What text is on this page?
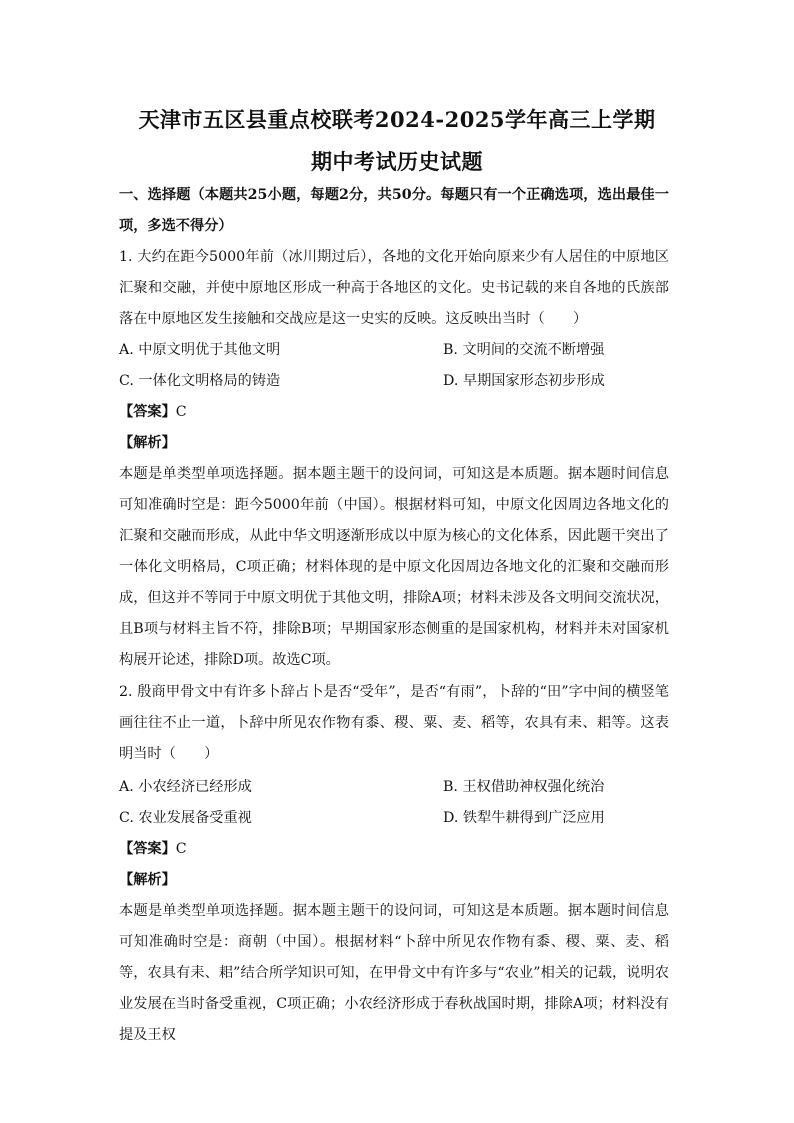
天津市五区县重点校联考2024-2025学年高三上学期
期中考试历史试题
一、选择题（本题共25小题，每题2分，共50分。每题只有一个正确选项，选出最佳一项，多选不得分）
1. 大约在距今5000年前（冰川期过后），各地的文化开始向原来少有人居住的中原地区汇聚和交融，并使中原地区形成一种高于各地区的文化。史书记载的来自各地的氏族部落在中原地区发生接触和交战应是这一史实的反映。这反映出当时（　　）
A. 中原文明优于其他文明	B. 文明间的交流不断增强
C. 一体化文明格局的铸造	D. 早期国家形态初步形成
【答案】C
【解析】
本题是单类型单项选择题。据本题主题干的设问词，可知这是本质题。据本题时间信息可知准确时空是：距今5000年前（中国）。根据材料可知，中原文化因周边各地文化的汇聚和交融而形成，从此中华文明逐渐形成以中原为核心的文化体系，因此题干突出了一体化文明格局，C项正确；材料体现的是中原文化因周边各地文化的汇聚和交融而形成，但这并不等同于中原文明优于其他文明，排除A项；材料未涉及各文明间交流状况，且B项与材料主旨不符，排除B项；早期国家形态侧重的是国家机构，材料并未对国家机构展开论述，排除D项。故选C项。
2. 殷商甲骨文中有许多卜辞占卜是否“受年”，是否“有雨”，卜辞的“田”字中间的横竖笔画往往不止一道，卜辞中所见农作物有黍、稷、粟、麦、稻等，农具有耒、耜等。这表明当时（　　）
A. 小农经济已经形成	B. 王权借助神权强化统治
C. 农业发展备受重视	D. 铁犁牛耕得到广泛应用
【答案】C
【解析】
本题是单类型单项选择题。据本题主题干的设问词，可知这是本质题。据本题时间信息可知准确时空是：商朝（中国）。根据材料“卜辞中所见农作物有黍、稷、粟、麦、稻等，农具有耒、耜”结合所学知识可知，在甲骨文中有许多与“农业”相关的记载，说明农业发展在当时备受重视，C项正确；小农经济形成于春秋战国时期，排除A项；材料没有提及王权
